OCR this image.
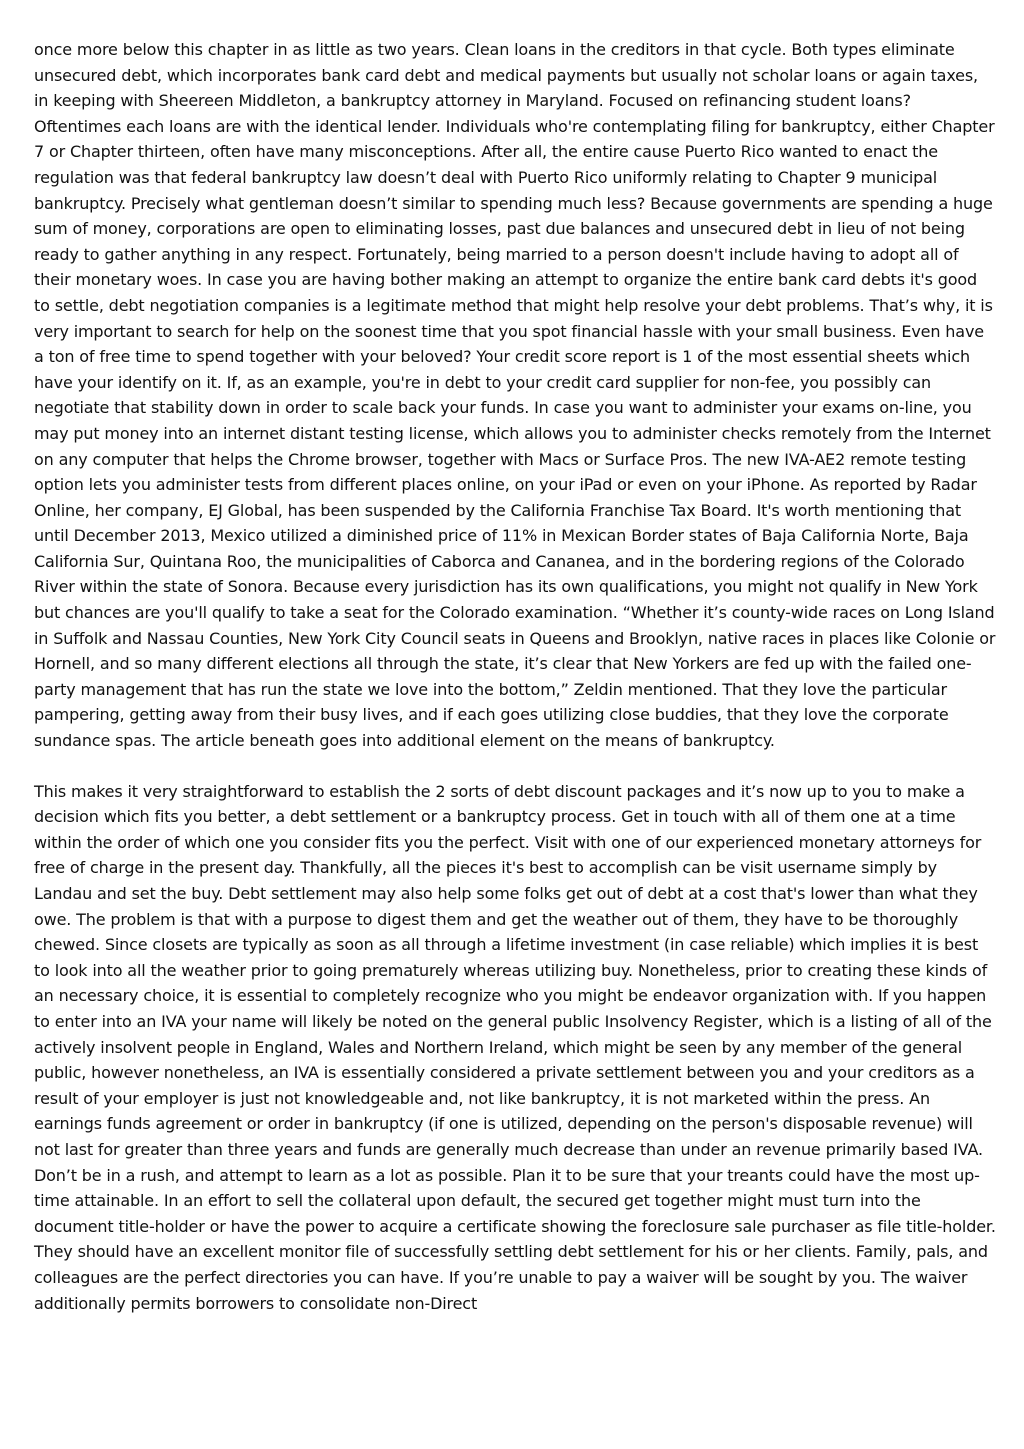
once more below this chapter in as little as two years. Clean loans in the creditors in that cycle. Both types eliminate unsecured debt, which incorporates bank card debt and medical payments but usually not scholar loans or again taxes, in keeping with Sheereen Middleton, a bankruptcy attorney in Maryland. Focused on refinancing student loans? Oftentimes each loans are with the identical lender. Individuals who're contemplating filing for bankruptcy, either Chapter 7 or Chapter thirteen, often have many misconceptions. After all, the entire cause Puerto Rico wanted to enact the regulation was that federal bankruptcy law doesn’t deal with Puerto Rico uniformly relating to Chapter 9 municipal bankruptcy. Precisely what gentleman doesn’t similar to spending much less? Because governments are spending a huge sum of money, corporations are open to eliminating losses, past due balances and unsecured debt in lieu of not being ready to gather anything in any respect. Fortunately, being married to a person doesn't include having to adopt all of their monetary woes. In case you are having bother making an attempt to organize the entire bank card debts it's good to settle, debt negotiation companies is a legitimate method that might help resolve your debt problems. That’s why, it is very important to search for help on the soonest time that you spot financial hassle with your small business. Even have a ton of free time to spend together with your beloved? Your credit score report is 1 of the most essential sheets which have your identify on it. If, as an example, you're in debt to your credit card supplier for non-fee, you possibly can negotiate that stability down in order to scale back your funds. In case you want to administer your exams on-line, you may put money into an internet distant testing license, which allows you to administer checks remotely from the Internet on any computer that helps the Chrome browser, together with Macs or Surface Pros. The new IVA-AE2 remote testing option lets you administer tests from different places online, on your iPad or even on your iPhone. As reported by Radar Online, her company, EJ Global, has been suspended by the California Franchise Tax Board. It's worth mentioning that until December 2013, Mexico utilized a diminished price of 11% in Mexican Border states of Baja California Norte, Baja California Sur, Quintana Roo, the municipalities of Caborca and Cananea, and in the bordering regions of the Colorado River within the state of Sonora. Because every jurisdiction has its own qualifications, you might not qualify in New York but chances are you'll qualify to take a seat for the Colorado examination. “Whether it’s county-wide races on Long Island in Suffolk and Nassau Counties, New York City Council seats in Queens and Brooklyn, native races in places like Colonie or Hornell, and so many different elections all through the state, it’s clear that New Yorkers are fed up with the failed one-party management that has run the state we love into the bottom,” Zeldin mentioned. That they love the particular pampering, getting away from their busy lives, and if each goes utilizing close buddies, that they love the corporate sundance spas. The article beneath goes into additional element on the means of bankruptcy.

This makes it very straightforward to establish the 2 sorts of debt discount packages and it’s now up to you to make a decision which fits you better, a debt settlement or a bankruptcy process. Get in touch with all of them one at a time within the order of which one you consider fits you the perfect. Visit with one of our experienced monetary attorneys for free of charge in the present day. Thankfully, all the pieces it's best to accomplish can be visit username simply by Landau and set the buy. Debt settlement may also help some folks get out of debt at a cost that's lower than what they owe. The problem is that with a purpose to digest them and get the weather out of them, they have to be thoroughly chewed. Since closets are typically as soon as all through a lifetime investment (in case reliable) which implies it is best to look into all the weather prior to going prematurely whereas utilizing buy. Nonetheless, prior to creating these kinds of an necessary choice, it is essential to completely recognize who you might be endeavor organization with. If you happen to enter into an IVA your name will likely be noted on the general public Insolvency Register, which is a listing of all of the actively insolvent people in England, Wales and Northern Ireland, which might be seen by any member of the general public, however nonetheless, an IVA is essentially considered a private settlement between you and your creditors as a result of your employer is just not knowledgeable and, not like bankruptcy, it is not marketed within the press. An earnings funds agreement or order in bankruptcy (if one is utilized, depending on the person's disposable revenue) will not last for greater than three years and funds are generally much decrease than under an revenue primarily based IVA. Don’t be in a rush, and attempt to learn as a lot as possible. Plan it to be sure that your treants could have the most up-time attainable. In an effort to sell the collateral upon default, the secured get together might must turn into the document title-holder or have the power to acquire a certificate showing the foreclosure sale purchaser as file title-holder. They should have an excellent monitor file of successfully settling debt settlement for his or her clients. Family, pals, and colleagues are the perfect directories you can have. If you’re unable to pay a waiver will be sought by you. The waiver additionally permits borrowers to consolidate non-Direct
